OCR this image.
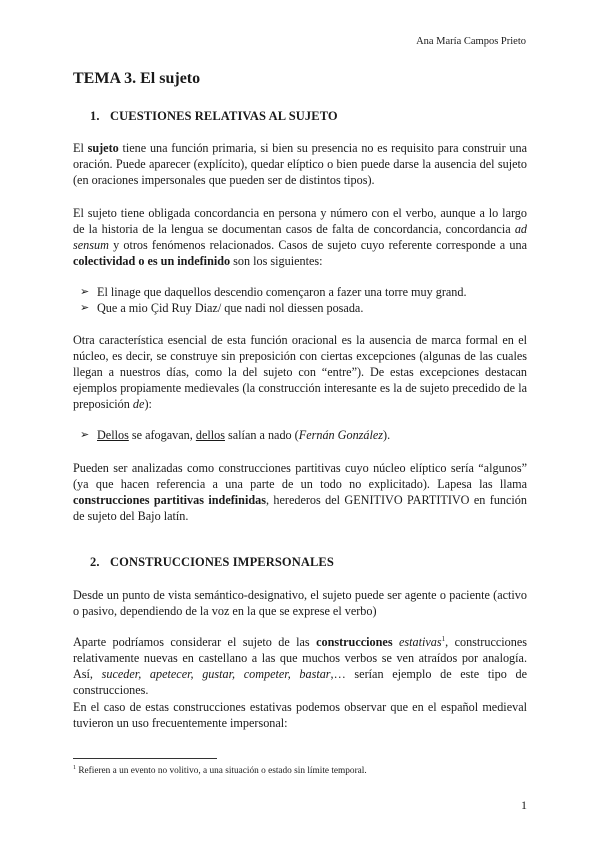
Ana María Campos Prieto
TEMA 3. El sujeto
1. CUESTIONES RELATIVAS AL SUJETO

El sujeto tiene una función primaria, si bien su presencia no es requisito para construir una oración. Puede aparecer (explícito), quedar elíptico o bien puede darse la ausencia del sujeto (en oraciones impersonales que pueden ser de distintos tipos).

El sujeto tiene obligada concordancia en persona y número con el verbo, aunque a lo largo de la historia de la lengua se documentan casos de falta de concordancia, concordancia ad sensum y otros fenómenos relacionados. Casos de sujeto cuyo referente corresponde a una colectividad o es un indefinido son los siguientes:

➢ El linage que daquellos descendio començaron a fazer una torre muy grand.
➢ Que a mio Çid Ruy Diaz/ que nadi nol diessen posada.

Otra característica esencial de esta función oracional es la ausencia de marca formal en el núcleo, es decir, se construye sin preposición con ciertas excepciones (algunas de las cuales llegan a nuestros días, como la del sujeto con “entre”). De estas excepciones destacan ejemplos propiamente medievales (la construcción interesante es la de sujeto precedido de la preposición de):

➢ Dellos se afogavan, dellos salían a nado (Fernán González).

Pueden ser analizadas como construcciones partitivas cuyo núcleo elíptico sería “algunos” (ya que hacen referencia a una parte de un todo no explicitado). Lapesa las llama construcciones partitivas indefinidas, herederos del GENITIVO PARTITIVO en función de sujeto del Bajo latín.

2. CONSTRUCCIONES IMPERSONALES

Desde un punto de vista semántico-designativo, el sujeto puede ser agente o paciente (activo o pasivo, dependiendo de la voz en la que se exprese el verbo)

Aparte podríamos considerar el sujeto de las construcciones estativas$^1$, construcciones relativamente nuevas en castellano a las que muchos verbos se ven atraídos por analogía. Así, suceder, apetecer, gustar, competer, bastar,… serían ejemplo de este tipo de construcciones.

En el caso de estas construcciones estativas podemos observar que en el español medieval tuvieron un uso frecuentemente impersonal:

$^1$ Refieren a un evento no volitivo, a una situación o estado sin límite temporal.

1
